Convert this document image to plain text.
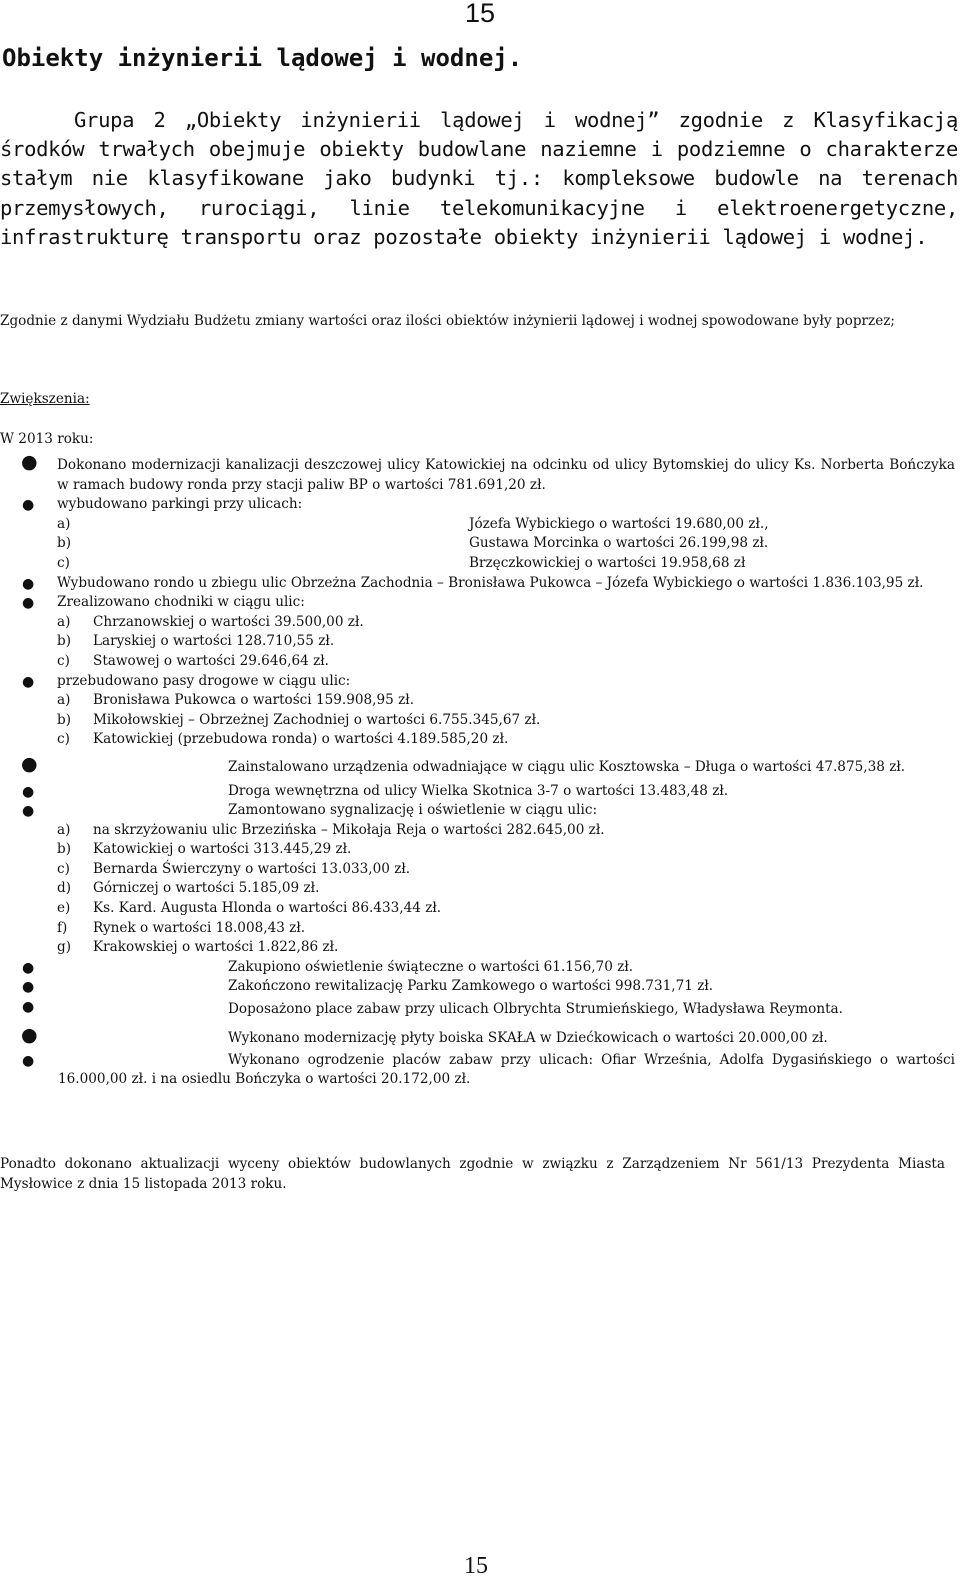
15
Obiekty inżynierii lądowej i wodnej.

Grupa 2 „Obiekty inżynierii lądowej i wodnej” zgodnie z Klasyfikacją środków trwałych obejmuje obiekty budowlane naziemne i podziemne o charakterze stałym nie klasyfikowane jako budynki tj.: kompleksowe budowle na terenach przemysłowych, rurociągi, linie telekomunikacyjne i elektroenergetyczne, infrastrukturę transportu oraz pozostałe obiekty inżynierii lądowej i wodnej.

Zgodnie z danymi Wydziału Budżetu zmiany wartości oraz ilości obiektów inżynierii lądowej i wodnej spowodowane były poprzez;
Zwiększenia:
W 2013 roku:
● Dokonano modernizacji kanalizacji deszczowej ulicy Katowickiej na odcinku od ulicy Bytomskiej do ulicy Ks. Norberta Bończyka w ramach budowy ronda przy stacji paliw BP o wartości 781.691,20 zł.
● wybudowano parkingi przy ulicach:
a)	Józefa Wybickiego o wartości 19.680,00 zł.,
b)	Gustawa Morcinka o wartości 26.199,98 zł.
c)	Brzęczkowickiej o wartości 19.958,68 zł
● Wybudowano rondo u zbiegu ulic Obrzeżna Zachodnia – Bronisława Pukowca – Józefa Wybickiego o wartości 1.836.103,95 zł.
● Zrealizowano chodniki w ciągu ulic:
a) Chrzanowskiej o wartości 39.500,00 zł.
b) Laryskiej o wartości 128.710,55 zł.
c) Stawowej o wartości 29.646,64 zł.
● przebudowano pasy drogowe w ciągu ulic:
a) Bronisława Pukowca o wartości 159.908,95 zł.
b) Mikołowskiej – Obrzeżnej Zachodniej o wartości 6.755.345,67 zł.
c) Katowickiej (przebudowa ronda) o wartości 4.189.585,20 zł.
●	Zainstalowano urządzenia odwadniające w ciągu ulic Kosztowska – Długa o wartości 47.875,38 zł.
●	Droga wewnętrzna od ulicy Wielka Skotnica 3-7 o wartości 13.483,48 zł.
●	Zamontowano sygnalizację i oświetlenie w ciągu ulic:
a) na skrzyżowaniu ulic Brzezińska – Mikołaja Reja o wartości 282.645,00 zł.
b) Katowickiej o wartości 313.445,29 zł.
c) Bernarda Świerczyny o wartości 13.033,00 zł.
d) Górniczej o wartości 5.185,09 zł.
e) Ks. Kard. Augusta Hlonda o wartości 86.433,44 zł.
f) Rynek o wartości 18.008,43 zł.
g) Krakowskiej o wartości 1.822,86 zł.
●	Zakupiono oświetlenie świąteczne o wartości 61.156,70 zł.
●	Zakończono rewitalizację Parku Zamkowego o wartości 998.731,71 zł.
●	Doposażono place zabaw przy ulicach Olbrychta Strumieńskiego, Władysława Reymonta.
●	Wykonano modernizację płyty boiska SKAŁA w Dziećkowicach o wartości 20.000,00 zł.
●	Wykonano ogrodzenie placów zabaw przy ulicach: Ofiar Września, Adolfa Dygasińskiego o wartości 16.000,00 zł. i na osiedlu Bończyka o wartości 20.172,00 zł.
Ponadto dokonano aktualizacji wyceny obiektów budowlanych zgodnie w związku z Zarządzeniem Nr 561/13 Prezydenta Miasta Mysłowice z dnia 15 listopada 2013 roku.
15
